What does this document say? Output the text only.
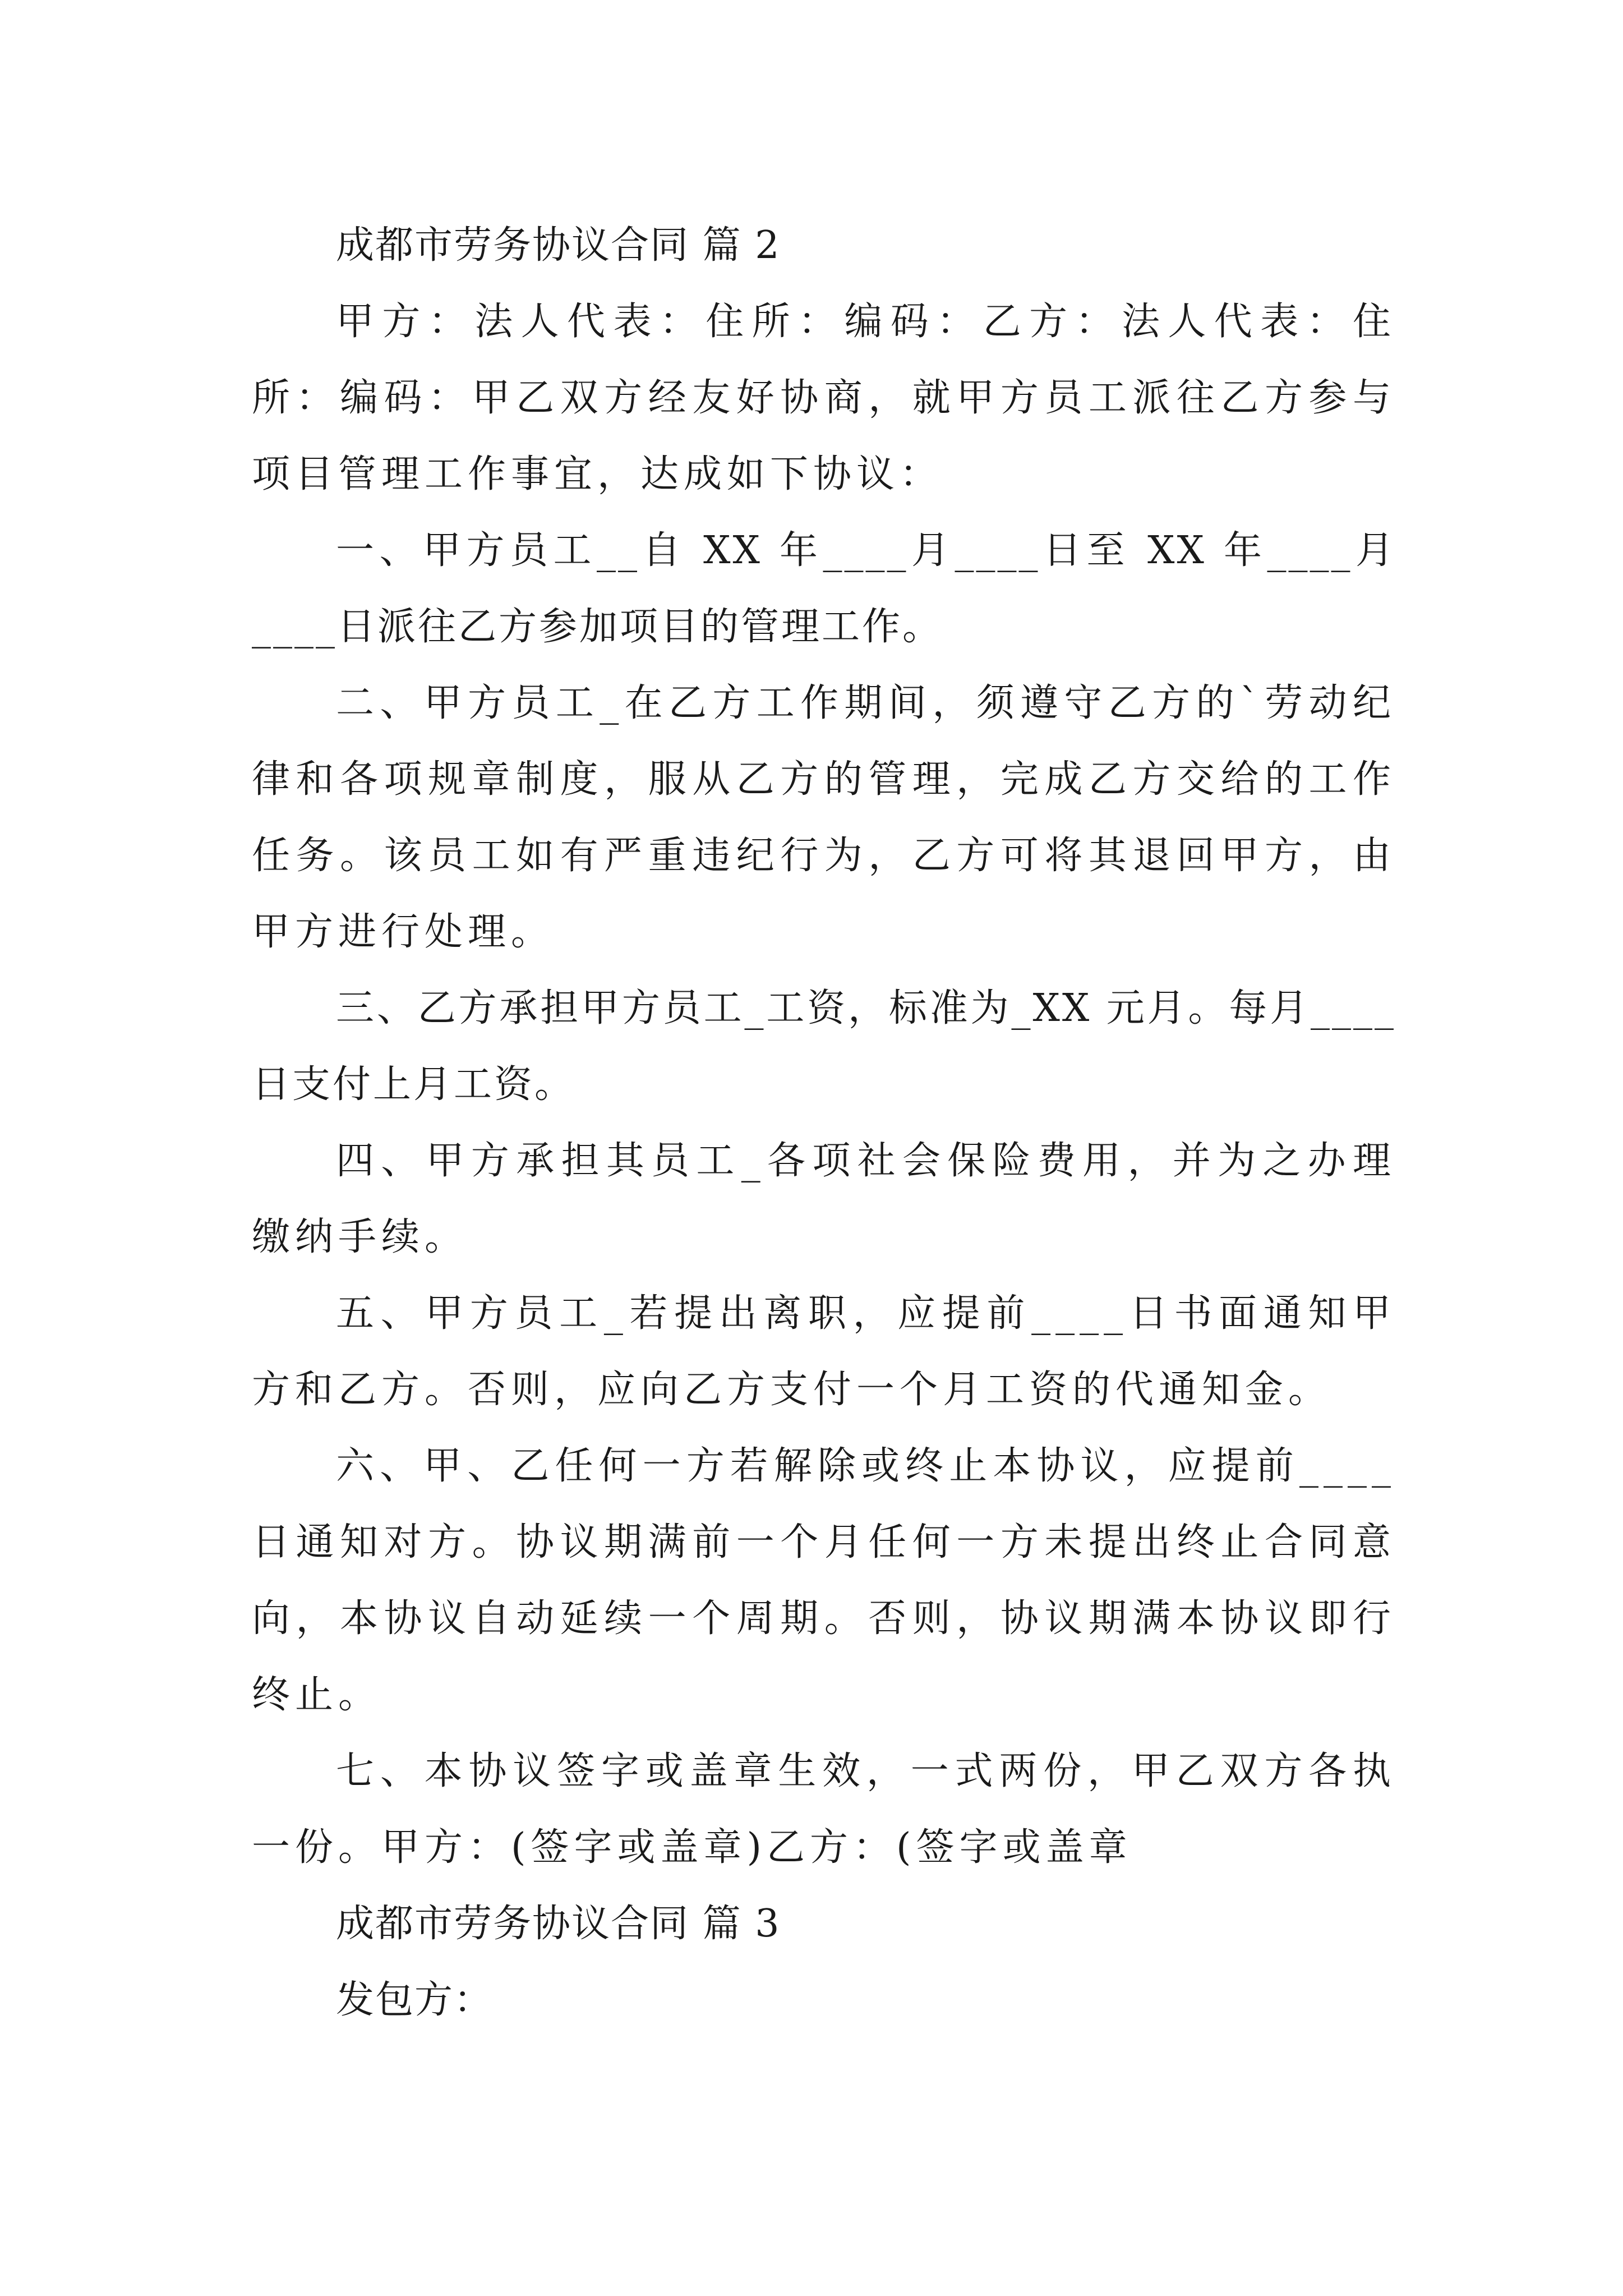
成都市劳务协议合同 篇 2

甲方：法人代表：住所：编码：乙方：法人代表：住所：编码：甲乙双方经友好协商，就甲方员工派往乙方参与项目管理工作事宜，达成如下协议：

一、甲方员工__自 XX 年____月____日至 XX 年____月____日派往乙方参加项目的管理工作。

二、甲方员工_在乙方工作期间，须遵守乙方的`劳动纪律和各项规章制度，服从乙方的管理，完成乙方交给的工作任务。该员工如有严重违纪行为，乙方可将其退回甲方，由甲方进行处理。

三、乙方承担甲方员工_工资，标准为_XX 元月。每月____日支付上月工资。

四、甲方承担其员工_各项社会保险费用，并为之办理缴纳手续。

五、甲方员工_若提出离职，应提前____日书面通知甲方和乙方。否则，应向乙方支付一个月工资的代通知金。

六、甲、乙任何一方若解除或终止本协议，应提前____日通知对方。协议期满前一个月任何一方未提出终止合同意向，本协议自动延续一个周期。否则，协议期满本协议即行终止。

七、本协议签字或盖章生效，一式两份，甲乙双方各执一份。甲方：(签字或盖章)乙方：(签字或盖章

成都市劳务协议合同 篇 3

发包方：
